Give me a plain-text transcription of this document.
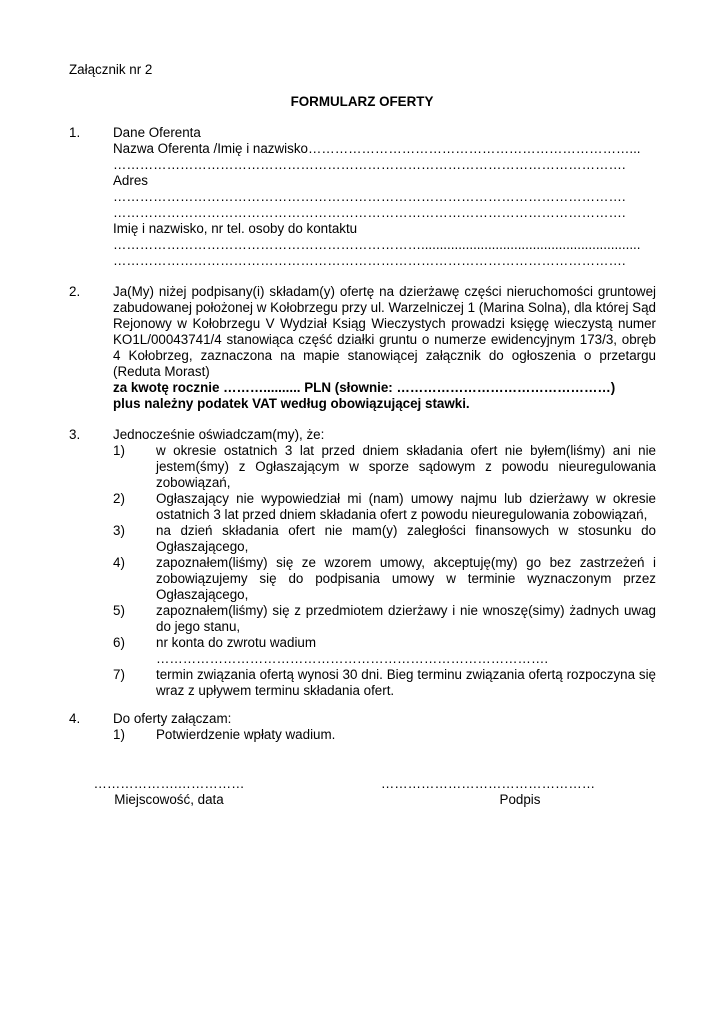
Załącznik nr 2
FORMULARZ OFERTY
1.	Dane Oferenta
Nazwa Oferenta /Imię i nazwisko………………………………………………………………...
…………………………………………………………………………………………………….
Adres
…………………………………………………………………………………………………….
…………………………………………………………………………………………………….
Imię i nazwisko, nr tel. osoby do kontaktu
……………………………………………………………...........................................................
…………………………………………………………………………………………………….
2.	Ja(My) niżej podpisany(i) składam(y) ofertę na dzierżawę części nieruchomości gruntowej zabudowanej położonej w Kołobrzegu przy ul. Warzelniczej 1 (Marina Solna), dla której Sąd Rejonowy w Kołobrzegu V Wydział Ksiąg Wieczystych prowadzi księgę wieczystą numer KO1L/00043741/4 stanowiąca część działki gruntu o numerze ewidencyjnym 173/3, obręb 4 Kołobrzeg, zaznaczona na mapie stanowiącej załącznik do ogłoszenia o przetargu (Reduta Morast)
za kwotę rocznie ……….......... PLN (słownie: …………………………………………)
plus należny podatek VAT według obowiązującej stawki.
3.	Jednocześnie oświadczam(my), że:
1)	w okresie ostatnich 3 lat przed dniem składania ofert nie byłem(liśmy) ani nie jestem(śmy) z Ogłaszającym w sporze sądowym z powodu nieuregulowania zobowiązań,
2)	Ogłaszający nie wypowiedział mi (nam) umowy najmu lub dzierżawy w okresie ostatnich 3 lat przed dniem składania ofert z powodu nieuregulowania zobowiązań,
3)	na dzień składania ofert nie mam(y) zaległości finansowych w stosunku do Ogłaszającego,
4)	zapoznałem(liśmy) się ze wzorem umowy, akceptuję(my) go bez zastrzeżeń i zobowiązujemy się do podpisania umowy w terminie wyznaczonym przez Ogłaszającego,
5)	zapoznałem(liśmy) się z przedmiotem dzierżawy i nie wnoszę(simy) żadnych uwag do jego stanu,
6)	nr konta do zwrotu wadium
…………………………………………………………………………….
7)	termin związania ofertą wynosi 30 dni. Bieg terminu związania ofertą rozpoczyna się wraz z upływem terminu składania ofert.
4.	Do oferty załączam:
1)	Potwierdzenie wpłaty wadium.
……………….……………
Miejscowość, data
…………………………………………
Podpis
